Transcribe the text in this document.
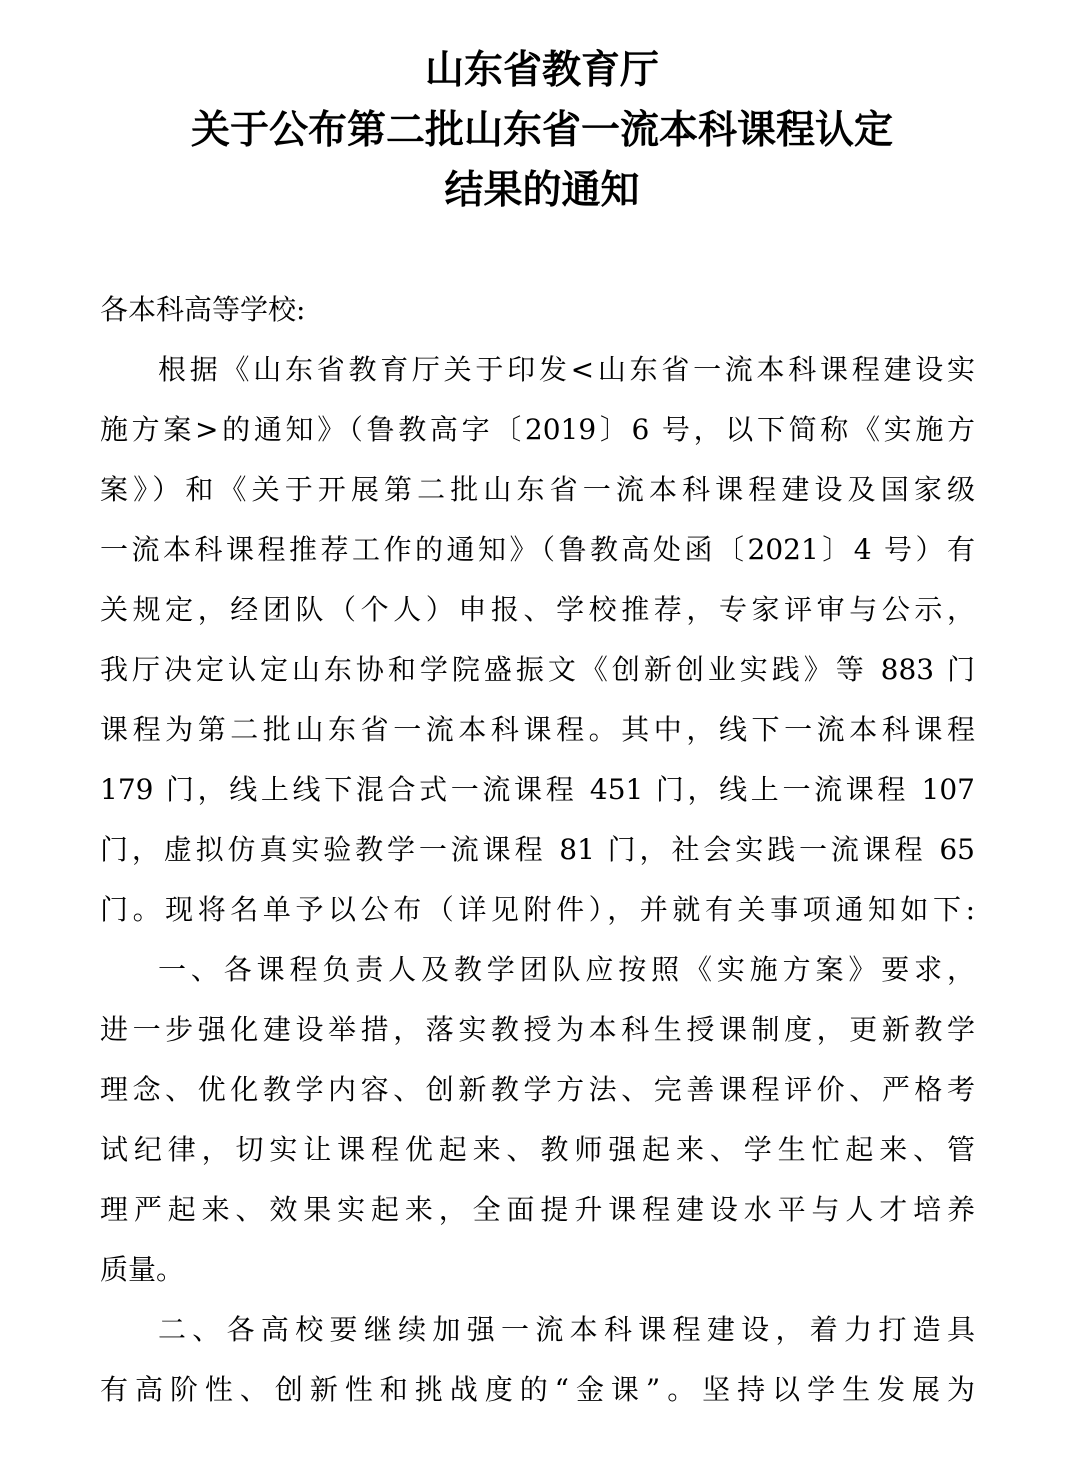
山东省教育厅
关于公布第二批山东省一流本科课程认定
结果的通知
各本科高等学校:
根据《山东省教育厅关于印发<山东省一流本科课程建设实
施方案>的通知》（鲁教高字〔2019〕6 号，以下简称《实施方
案》）和《关于开展第二批山东省一流本科课程建设及国家级
一流本科课程推荐工作的通知》（鲁教高处函〔2021〕4 号）有
关规定，经团队（个人）申报、学校推荐，专家评审与公示，
我厅决定认定山东协和学院盛振文《创新创业实践》等 883 门
课程为第二批山东省一流本科课程。其中，线下一流本科课程
179 门，线上线下混合式一流课程 451 门，线上一流课程 107
门，虚拟仿真实验教学一流课程 81 门，社会实践一流课程 65
门。现将名单予以公布（详见附件），并就有关事项通知如下:
一、各课程负责人及教学团队应按照《实施方案》要求，
进一步强化建设举措，落实教授为本科生授课制度，更新教学
理念、优化教学内容、创新教学方法、完善课程评价、严格考
试纪律，切实让课程优起来、教师强起来、学生忙起来、管
理严起来、效果实起来，全面提升课程建设水平与人才培养
质量。
二、各高校要继续加强一流本科课程建设，着力打造具
有高阶性、创新性和挑战度的“金课”。坚持以学生发展为
